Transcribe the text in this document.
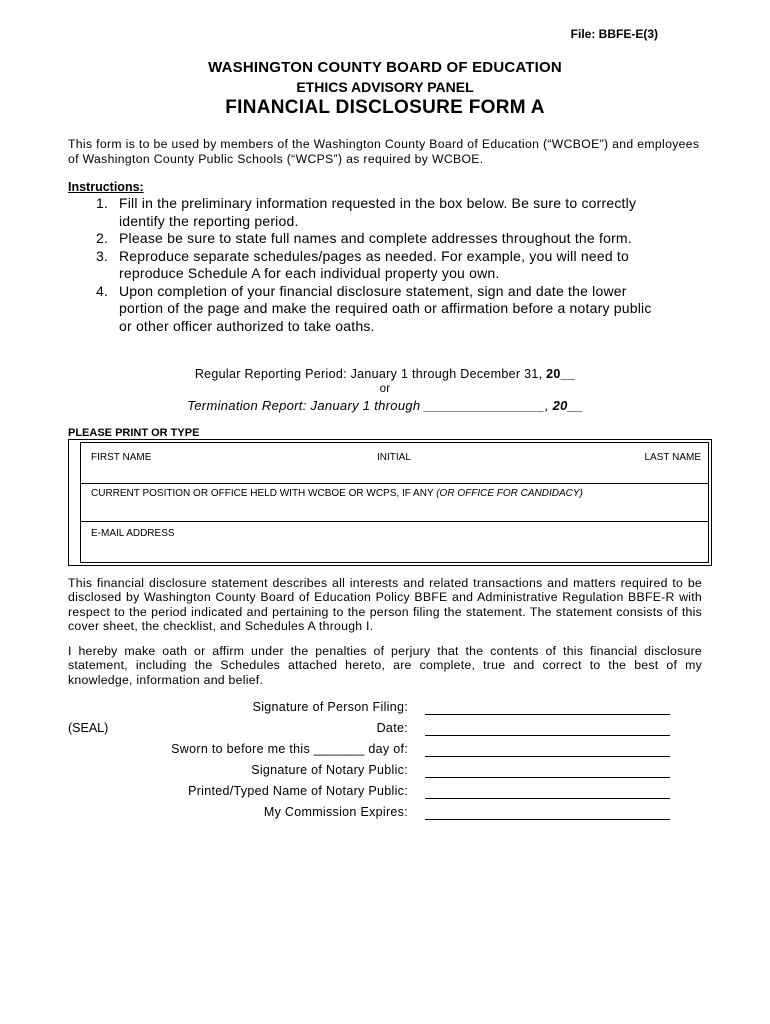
File: BBFE-E(3)
WASHINGTON COUNTY BOARD OF EDUCATION
ETHICS ADVISORY PANEL
FINANCIAL DISCLOSURE FORM A
This form is to be used by members of the Washington County Board of Education (“WCBOE”) and employees of Washington County Public Schools (“WCPS”) as required by WCBOE.
Instructions:
1. Fill in the preliminary information requested in the box below. Be sure to correctly identify the reporting period.
2. Please be sure to state full names and complete addresses throughout the form.
3. Reproduce separate schedules/pages as needed. For example, you will need to reproduce Schedule A for each individual property you own.
4. Upon completion of your financial disclosure statement, sign and date the lower portion of the page and make the required oath or affirmation before a notary public or other officer authorized to take oaths.
Regular Reporting Period: January 1 through December 31, 20__
or
Termination Report: January 1 through ________________, 20__
PLEASE PRINT OR TYPE
FIRST NAME	INITIAL	LAST NAME
CURRENT POSITION OR OFFICE HELD WITH WCBOE OR WCPS, IF ANY (OR OFFICE FOR CANDIDACY)
E-MAIL ADDRESS
This financial disclosure statement describes all interests and related transactions and matters required to be disclosed by Washington County Board of Education Policy BBFE and Administrative Regulation BBFE-R with respect to the period indicated and pertaining to the person filing the statement. The statement consists of this cover sheet, the checklist, and Schedules A through I.
I hereby make oath or affirm under the penalties of perjury that the contents of this financial disclosure statement, including the Schedules attached hereto, are complete, true and correct to the best of my knowledge, information and belief.
(SEAL)
Signature of Person Filing:
Date:
Sworn to before me this _______ day of:
Signature of Notary Public:
Printed/Typed Name of Notary Public:
My Commission Expires:
